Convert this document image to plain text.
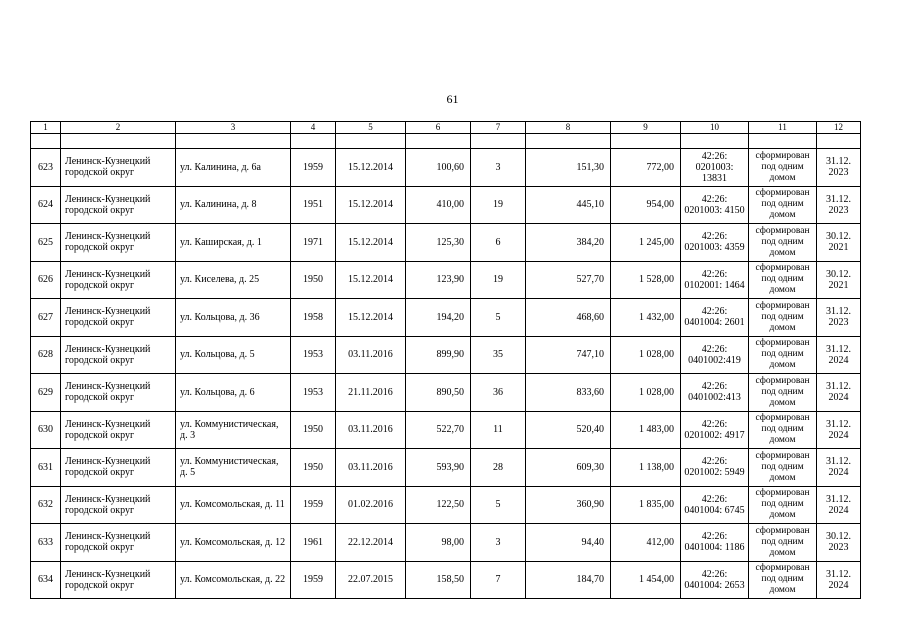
61
1	2	3	4	5	6	7	8	9	10	11	12

623	Ленинск-Кузнецкий городской округ	ул. Калинина, д. 6а	1959	15.12.2014	100,60	3	151,30	772,00	42:26: 0201003: 13831	сформирован под одним домом	31.12. 2023
624	Ленинск-Кузнецкий городской округ	ул. Калинина, д. 8	1951	15.12.2014	410,00	19	445,10	954,00	42:26: 0201003: 4150	сформирован под одним домом	31.12. 2023
625	Ленинск-Кузнецкий городской округ	ул. Каширская, д. 1	1971	15.12.2014	125,30	6	384,20	1 245,00	42:26: 0201003: 4359	сформирован под одним домом	30.12. 2021
626	Ленинск-Кузнецкий городской округ	ул. Киселева, д. 25	1950	15.12.2014	123,90	19	527,70	1 528,00	42:26: 0102001: 1464	сформирован под одним домом	30.12. 2021
627	Ленинск-Кузнецкий городской округ	ул. Кольцова, д. 36	1958	15.12.2014	194,20	5	468,60	1 432,00	42:26: 0401004: 2601	сформирован под одним домом	31.12. 2023
628	Ленинск-Кузнецкий городской округ	ул. Кольцова, д. 5	1953	03.11.2016	899,90	35	747,10	1 028,00	42:26: 0401002:419	сформирован под одним домом	31.12. 2024
629	Ленинск-Кузнецкий городской округ	ул. Кольцова, д. 6	1953	21.11.2016	890,50	36	833,60	1 028,00	42:26: 0401002:413	сформирован под одним домом	31.12. 2024
630	Ленинск-Кузнецкий городской округ	ул. Коммунистическая, д. 3	1950	03.11.2016	522,70	11	520,40	1 483,00	42:26: 0201002: 4917	сформирован под одним домом	31.12. 2024
631	Ленинск-Кузнецкий городской округ	ул. Коммунистическая, д. 5	1950	03.11.2016	593,90	28	609,30	1 138,00	42:26: 0201002: 5949	сформирован под одним домом	31.12. 2024
632	Ленинск-Кузнецкий городской округ	ул. Комсомольская, д. 11	1959	01.02.2016	122,50	5	360,90	1 835,00	42:26: 0401004: 6745	сформирован под одним домом	31.12. 2024
633	Ленинск-Кузнецкий городской округ	ул. Комсомольская, д. 12	1961	22.12.2014	98,00	3	94,40	412,00	42:26: 0401004: 1186	сформирован под одним домом	30.12. 2023
634	Ленинск-Кузнецкий городской округ	ул. Комсомольская, д. 22	1959	22.07.2015	158,50	7	184,70	1 454,00	42:26: 0401004: 2653	сформирован под одним домом	31.12. 2024
